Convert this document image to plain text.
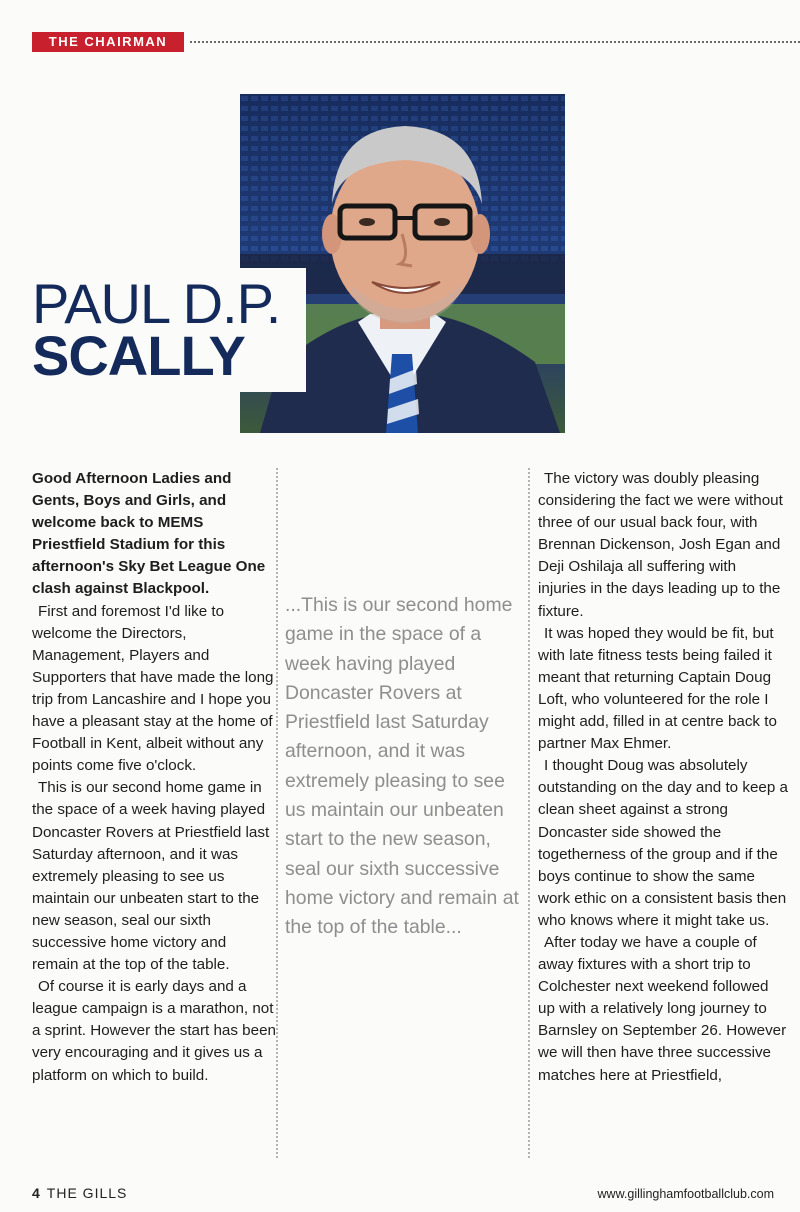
THE CHAIRMAN
PAUL D.P.
SCALLY

Good Afternoon Ladies and Gents, Boys and Girls, and welcome back to MEMS Priestfield Stadium for this afternoon's Sky Bet League One clash against Blackpool.

First and foremost I'd like to welcome the Directors, Management, Players and Supporters that have made the long trip from Lancashire and I hope you have a pleasant stay at the home of Football in Kent, albeit without any points come five o'clock.

This is our second home game in the space of a week having played Doncaster Rovers at Priestfield last Saturday afternoon, and it was extremely pleasing to see us maintain our unbeaten start to the new season, seal our sixth successive home victory and remain at the top of the table.

Of course it is early days and a league campaign is a marathon, not a sprint. However the start has been very encouraging and it gives us a platform on which to build.

...This is our second home game in the space of a week having played Doncaster Rovers at Priestfield last Saturday afternoon, and it was extremely pleasing to see us maintain our unbeaten start to the new season, seal our sixth successive home victory and remain at the top of the table...

The victory was doubly pleasing considering the fact we were without three of our usual back four, with Brennan Dickenson, Josh Egan and Deji Oshilaja all suffering with injuries in the days leading up to the fixture.

It was hoped they would be fit, but with late fitness tests being failed it meant that returning Captain Doug Loft, who volunteered for the role I might add, filled in at centre back to partner Max Ehmer.

I thought Doug was absolutely outstanding on the day and to keep a clean sheet against a strong Doncaster side showed the togetherness of the group and if the boys continue to show the same work ethic on a consistent basis then who knows where it might take us.

After today we have a couple of away fixtures with a short trip to Colchester next weekend followed up with a relatively long journey to Barnsley on September 26. However we will then have three successive matches here at Priestfield,

4 THE GILLS	www.gillinghamfootballclub.com
